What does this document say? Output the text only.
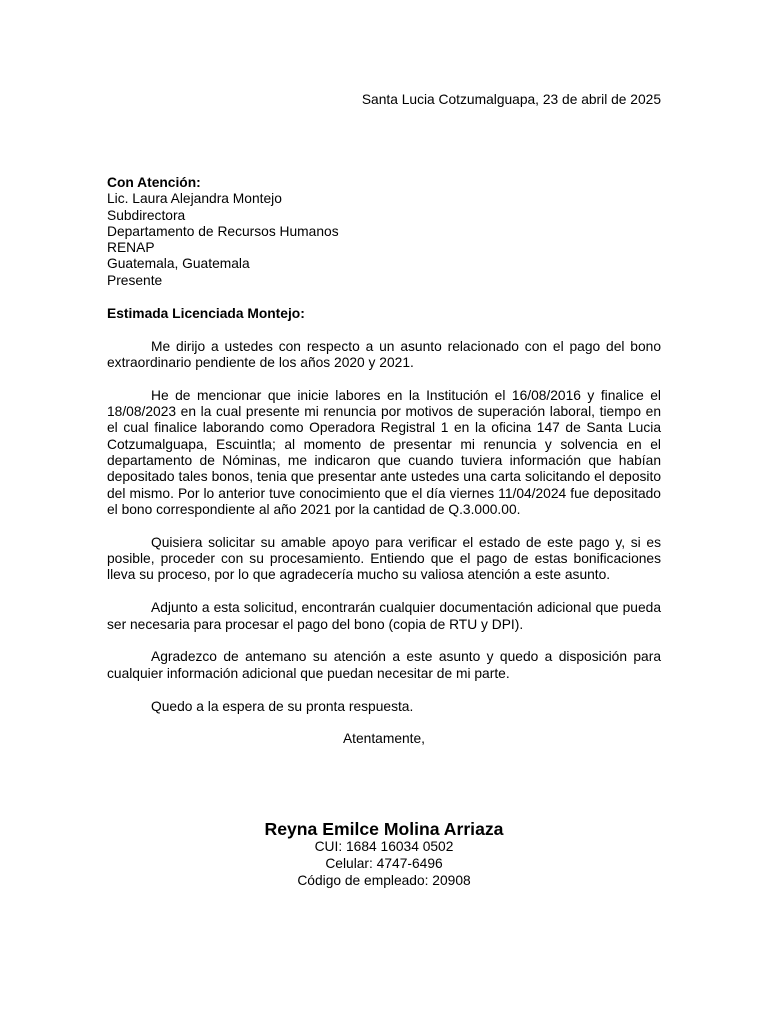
Santa Lucia Cotzumalguapa, 23 de abril de 2025
Con Atención:
Lic. Laura Alejandra Montejo
Subdirectora
Departamento de Recursos Humanos
RENAP
Guatemala, Guatemala
Presente

Estimada Licenciada Montejo:

Me dirijo a ustedes con respecto a un asunto relacionado con el pago del bono extraordinario pendiente de los años 2020 y 2021.

He de mencionar que inicie labores en la Institución el 16/08/2016 y finalice el 18/08/2023 en la cual presente mi renuncia por motivos de superación laboral, tiempo en el cual finalice laborando como Operadora Registral 1 en la oficina 147 de Santa Lucia Cotzumalguapa, Escuintla; al momento de presentar mi renuncia y solvencia en el departamento de Nóminas, me indicaron que cuando tuviera información que habían depositado tales bonos, tenia que presentar ante ustedes una carta solicitando el deposito del mismo. Por lo anterior tuve conocimiento que el día viernes 11/04/2024 fue depositado el bono correspondiente al año 2021 por la cantidad de Q.3.000.00.

Quisiera solicitar su amable apoyo para verificar el estado de este pago y, si es posible, proceder con su procesamiento. Entiendo que el pago de estas bonificaciones lleva su proceso, por lo que agradecería mucho su valiosa atención a este asunto.

Adjunto a esta solicitud, encontrarán cualquier documentación adicional que pueda ser necesaria para procesar el pago del bono (copia de RTU y DPI).

Agradezco de antemano su atención a este asunto y quedo a disposición para cualquier información adicional que puedan necesitar de mi parte.

Quedo a la espera de su pronta respuesta.

Atentamente,

Reyna Emilce Molina Arriaza
CUI: 1684 16034 0502
Celular: 4747-6496
Código de empleado: 20908
